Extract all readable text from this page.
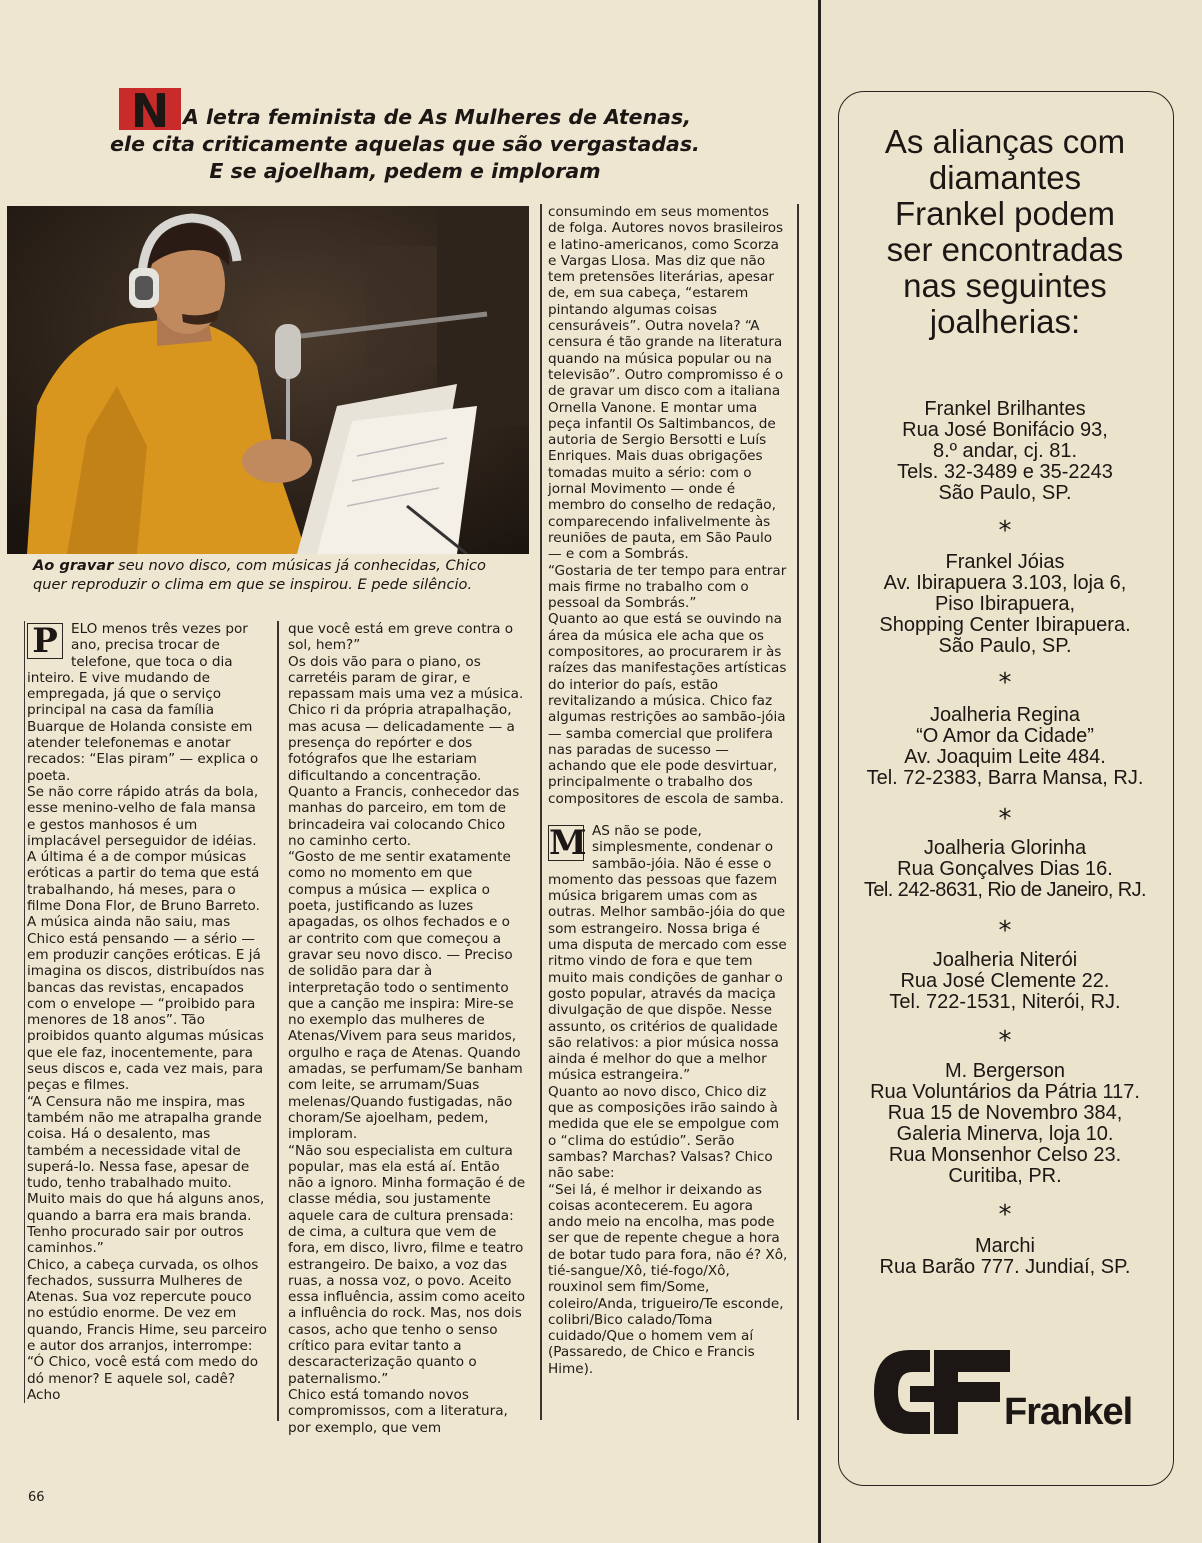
N A letra feminista de As Mulheres de Atenas,
ele cita criticamente aquelas que são vergastadas.
E se ajoelham, pedem e imploram
Ao gravar seu novo disco, com músicas já conhecidas, Chico quer reproduzir o clima em que se inspirou. E pede silêncio.
P ELO menos três vezes por ano, precisa trocar de telefone, que toca o dia inteiro. E vive mudando de empregada, já que o serviço principal na casa da família Buarque de Holanda consiste em atender telefonemas e anotar recados: “Elas piram” — explica o poeta.

Se não corre rápido atrás da bola, esse menino-velho de fala mansa e gestos manhosos é um implacável perseguidor de idéias. A última é a de compor músicas eróticas a partir do tema que está trabalhando, há meses, para o filme Dona Flor, de Bruno Barreto. A música ainda não saiu, mas Chico está pensando — a sério — em produzir canções eróticas. E já imagina os discos, distribuídos nas bancas das revistas, encapados com o envelope — “proibido para menores de 18 anos”. Tão proibidos quanto algumas músicas que ele faz, inocentemente, para seus discos e, cada vez mais, para peças e filmes.

“A Censura não me inspira, mas também não me atrapalha grande coisa. Há o desalento, mas também a necessidade vital de superá-lo. Nessa fase, apesar de tudo, tenho trabalhado muito. Muito mais do que há alguns anos, quando a barra era mais branda. Tenho procurado sair por outros caminhos.”

Chico, a cabeça curvada, os olhos fechados, sussurra Mulheres de Atenas. Sua voz repercute pouco no estúdio enorme. De vez em quando, Francis Hime, seu parceiro e autor dos arranjos, interrompe: “Ó Chico, você está com medo do dó menor? E aquele sol, cadê? Acho

que você está em greve contra o sol, hem?”

Os dois vão para o piano, os carretéis param de girar, e repassam mais uma vez a música. Chico ri da própria atrapalhação, mas acusa — delicadamente — a presença do repórter e dos fotógrafos que lhe estariam dificultando a concentração. Quanto a Francis, conhecedor das manhas do parceiro, em tom de brincadeira vai colocando Chico no caminho certo.

“Gosto de me sentir exatamente como no momento em que compus a música — explica o poeta, justificando as luzes apagadas, os olhos fechados e o ar contrito com que começou a gravar seu novo disco. — Preciso de solidão para dar à interpretação todo o sentimento que a canção me inspira: Mire-se no exemplo das mulheres de Atenas/Vivem para seus maridos, orgulho e raça de Atenas. Quando amadas, se perfumam/Se banham com leite, se arrumam/Suas melenas/Quando fustigadas, não choram/Se ajoelham, pedem, imploram.

“Não sou especialista em cultura popular, mas ela está aí. Então não a ignoro. Minha formação é de classe média, sou justamente aquele cara de cultura prensada: de cima, a cultura que vem de fora, em disco, livro, filme e teatro estrangeiro. De baixo, a voz das ruas, a nossa voz, o povo. Aceito essa influência, assim como aceito a influência do rock. Mas, nos dois casos, acho que tenho o senso crítico para evitar tanto a descaracterização quanto o paternalismo.”

Chico está tomando novos compromissos, com a literatura, por exemplo, que vem

consumindo em seus momentos de folga. Autores novos brasileiros e latino-americanos, como Scorza e Vargas Llosa. Mas diz que não tem pretensões literárias, apesar de, em sua cabeça, “estarem pintando algumas coisas censuráveis”. Outra novela? “A censura é tão grande na literatura quando na música popular ou na televisão”. Outro compromisso é o de gravar um disco com a italiana Ornella Vanone. E montar uma peça infantil Os Saltimbancos, de autoria de Sergio Bersotti e Luís Enriques. Mais duas obrigações tomadas muito a sério: com o jornal Movimento — onde é membro do conselho de redação, comparecendo infalivelmente às reuniões de pauta, em São Paulo — e com a Sombrás.

“Gostaria de ter tempo para entrar mais firme no trabalho com o pessoal da Sombrás.”

Quanto ao que está se ouvindo na área da música ele acha que os compositores, ao procurarem ir às raízes das manifestações artísticas do interior do país, estão revitalizando a música. Chico faz algumas restrições ao sambão-jóia — samba comercial que prolifera nas paradas de sucesso — achando que ele pode desvirtuar, principalmente o trabalho dos compositores de escola de samba.

M AS não se pode, simplesmente, condenar o sambão-jóia. Não é esse o momento das pessoas que fazem música brigarem umas com as outras. Melhor sambão-jóia do que som estrangeiro. Nossa briga é uma disputa de mercado com esse ritmo vindo de fora e que tem muito mais condições de ganhar o gosto popular, através da maciça divulgação de que dispõe. Nesse assunto, os critérios de qualidade são relativos: a pior música nossa ainda é melhor do que a melhor música estrangeira.”

Quanto ao novo disco, Chico diz que as composições irão saindo à medida que ele se empolgue com o “clima do estúdio”. Serão sambas? Marchas? Valsas? Chico não sabe:

“Sei lá, é melhor ir deixando as coisas acontecerem. Eu agora ando meio na encolha, mas pode ser que de repente chegue a hora de botar tudo para fora, não é? Xô, tié-sangue/Xô, tié-fogo/Xô, rouxinol sem fim/Some, coleiro/Anda, trigueiro/Te esconde, colibri/Bico calado/Toma cuidado/Que o homem vem aí (Passaredo, de Chico e Francis Hime).

66
As alianças com
diamantes
Frankel podem
ser encontradas
nas seguintes
joalherias:
Frankel Brilhantes
Rua José Bonifácio 93,
8.º andar, cj. 81.
Tels. 32-3489 e 35-2243
São Paulo, SP.
*
Frankel Jóias
Av. Ibirapuera 3.103, loja 6,
Piso Ibirapuera,
Shopping Center Ibirapuera.
São Paulo, SP.
*
Joalheria Regina
“O Amor da Cidade”
Av. Joaquim Leite 484.
Tel. 72-2383, Barra Mansa, RJ.
*
Joalheria Glorinha
Rua Gonçalves Dias 16.
Tel. 242-8631, Rio de Janeiro, RJ.
*
Joalheria Niterói
Rua José Clemente 22.
Tel. 722-1531, Niterói, RJ.
*
M. Bergerson
Rua Voluntários da Pátria 117.
Rua 15 de Novembro 384,
Galeria Minerva, loja 10.
Rua Monsenhor Celso 23.
Curitiba, PR.
*
Marchi
Rua Barão 777. Jundiaí, SP.
Frankel
